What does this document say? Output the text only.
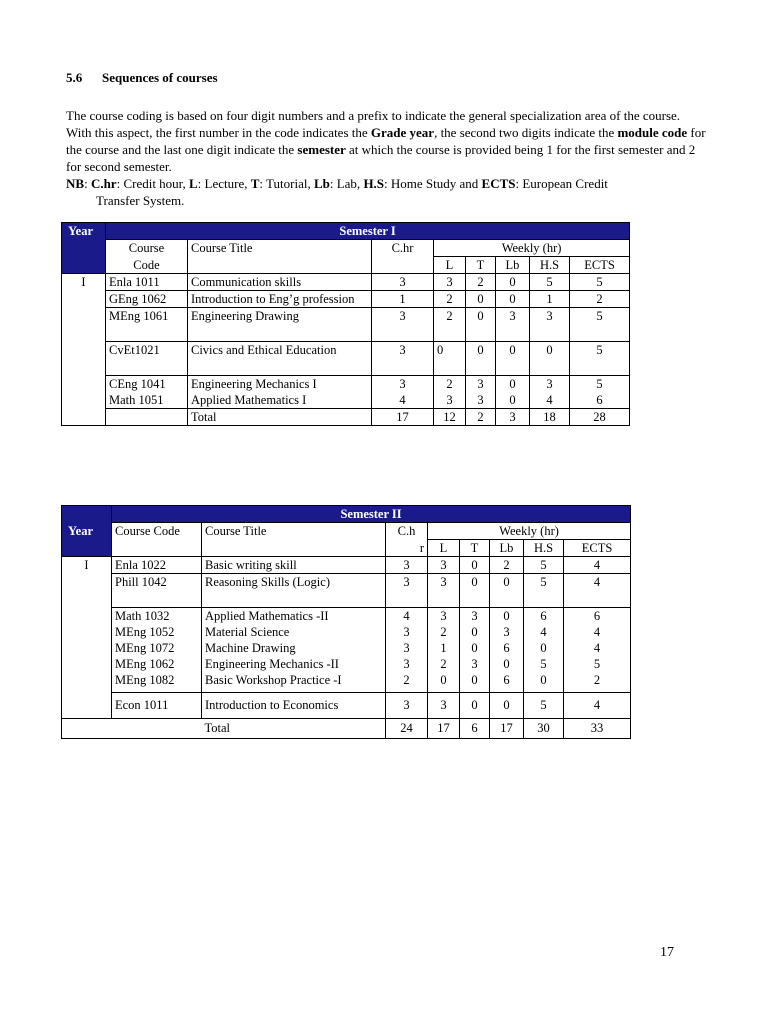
5.6 Sequences of courses

The course coding is based on four digit numbers and a prefix to indicate the general specialization area of the course.

With this aspect, the first number in the code indicates the Grade year, the second two digits indicate the module code for the course and the last one digit indicate the semester at which the course is provided being 1 for the first semester and 2 for second semester.

NB: C.hr: Credit hour, L: Lecture, T: Tutorial, Lb: Lab, H.S: Home Study and ECTS: European Credit

Transfer System.

Year	Semester I							
	Course	Course Title	C.hr	Weekly (hr)				
	Code			L	T	Lb	H.S	ECTS
I	Enla 1011	Communication skills	3	3	2	0	5	5
	GEng 1062	Introduction to Eng’g profession	1	2	0	0	1	2
	MEng 1061	Engineering Drawing	3	2	0	3	3	5
	CvEt1021	Civics and Ethical Education	3	0	0	0	0	5
	CEng 1041	Engineering Mechanics I	3	2	3	0	3	5
	Math 1051	Applied Mathematics I	4	3	3	0	4	6
		Total	17	12	2	3	18	28
	Semester II							
Year	Course Code	Course Title	C.h	Weekly (hr)				
			r	L	T	Lb	H.S	ECTS
I	Enla 1022	Basic writing skill	3	3	0	2	5	4
	Phill 1042	Reasoning Skills (Logic)	3	3	0	0	5	4
	Math 1032	Applied Mathematics -II	4	3	3	0	6	6
	MEng 1052	Material Science	3	2	0	3	4	4
	MEng 1072	Machine Drawing	3	1	0	6	0	4
	MEng 1062	Engineering Mechanics -II	3	2	3	0	5	5
	MEng 1082	Basic Workshop Practice -I	2	0	0	6	0	2
	Econ 1011	Introduction to Economics	3	3	0	0	5	4
		Total	24	17	6	17	30	33
17
